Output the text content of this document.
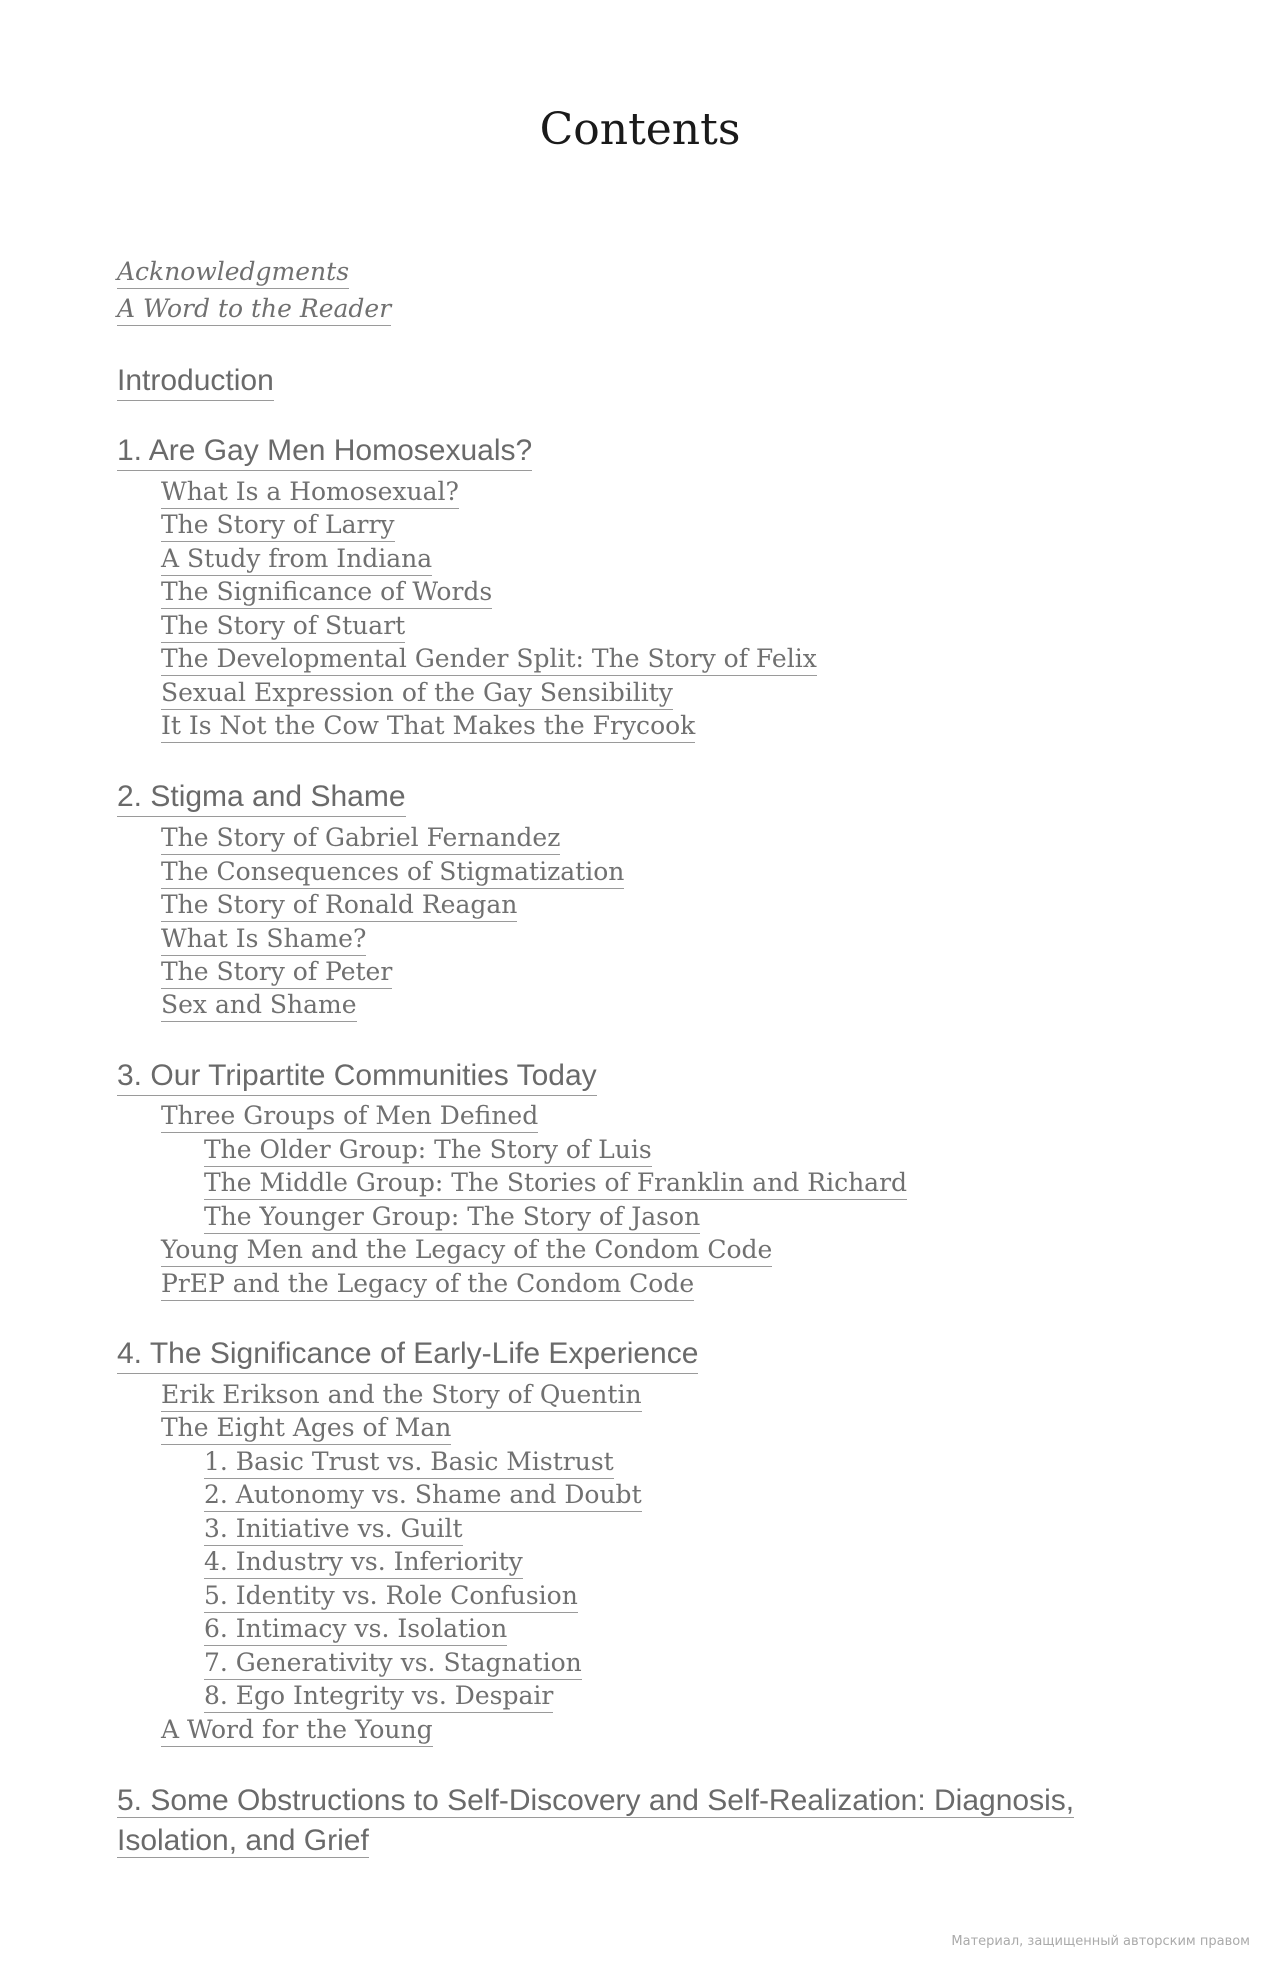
Contents
Acknowledgments
A Word to the Reader
Introduction
1. Are Gay Men Homosexuals?
What Is a Homosexual?
The Story of Larry
A Study from Indiana
The Significance of Words
The Story of Stuart
The Developmental Gender Split: The Story of Felix
Sexual Expression of the Gay Sensibility
It Is Not the Cow That Makes the Frycook
2. Stigma and Shame
The Story of Gabriel Fernandez
The Consequences of Stigmatization
The Story of Ronald Reagan
What Is Shame?
The Story of Peter
Sex and Shame
3. Our Tripartite Communities Today
Three Groups of Men Defined
The Older Group: The Story of Luis
The Middle Group: The Stories of Franklin and Richard
The Younger Group: The Story of Jason
Young Men and the Legacy of the Condom Code
PrEP and the Legacy of the Condom Code
4. The Significance of Early-Life Experience
Erik Erikson and the Story of Quentin
The Eight Ages of Man
1. Basic Trust vs. Basic Mistrust
2. Autonomy vs. Shame and Doubt
3. Initiative vs. Guilt
4. Industry vs. Inferiority
5. Identity vs. Role Confusion
6. Intimacy vs. Isolation
7. Generativity vs. Stagnation
8. Ego Integrity vs. Despair
A Word for the Young
5. Some Obstructions to Self-Discovery and Self-Realization: Diagnosis,
Isolation, and Grief
Материал, защищенный авторским правом
